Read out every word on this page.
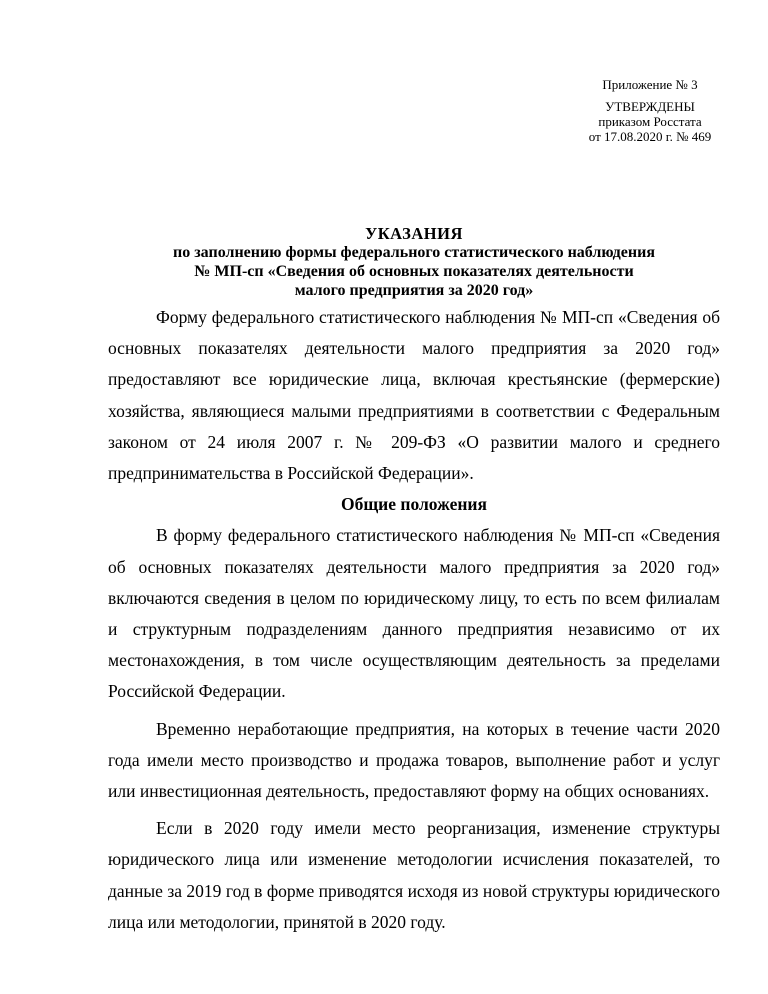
Приложение № 3
УТВЕРЖДЕНЫ
приказом Росстата
от 17.08.2020 г. № 469
УКАЗАНИЯ
по заполнению формы федерального статистического наблюдения
№ МП-сп «Сведения об основных показателях деятельности
малого предприятия за 2020 год»

Форму федерального статистического наблюдения № МП-сп «Сведения об основных показателях деятельности малого предприятия за 2020 год» предоставляют все юридические лица, включая крестьянские (фермерские) хозяйства, являющиеся малыми предприятиями в соответствии с Федеральным законом от 24 июля 2007 г. № 209-ФЗ «О развитии малого и среднего предпринимательства в Российской Федерации».

Общие положения

В форму федерального статистического наблюдения № МП-сп «Сведения об основных показателях деятельности малого предприятия за 2020 год» включаются сведения в целом по юридическому лицу, то есть по всем филиалам и структурным подразделениям данного предприятия независимо от их местонахождения, в том числе осуществляющим деятельность за пределами Российской Федерации.

Временно неработающие предприятия, на которых в течение части 2020 года имели место производство и продажа товаров, выполнение работ и услуг или инвестиционная деятельность, предоставляют форму на общих основаниях.

Если в 2020 году имели место реорганизация, изменение структуры юридического лица или изменение методологии исчисления показателей, то данные за 2019 год в форме приводятся исходя из новой структуры юридического лица или методологии, принятой в 2020 году.
